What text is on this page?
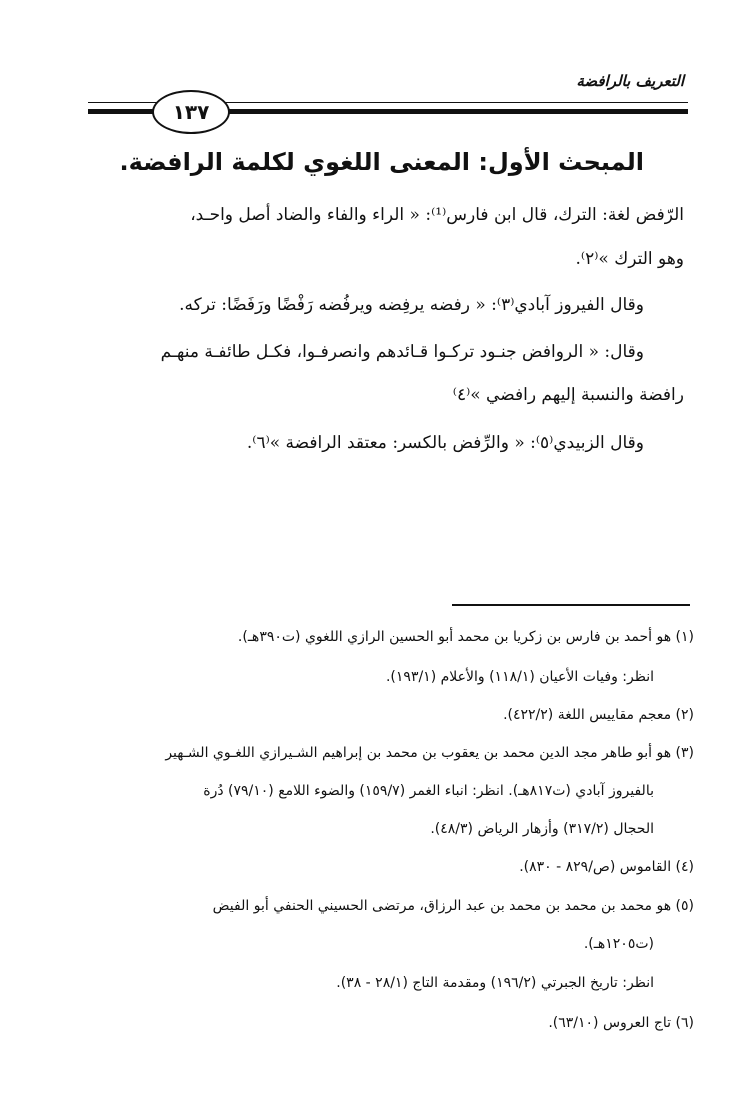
التعريف بالرافضة
١٣٧
المبحث الأول: المعنى اللغوي لكلمة الرافضة.
الرّفض لغة: الترك، قال ابن فارس⁽¹⁾: « الراء والفاء والضاد أصل واحـد،
وهو الترك »⁽٢⁾.
وقال الفيروز آبادي⁽٣⁾: « رفضه يرفِضه ويرفُضه رَفْضًا ورَفَضًا: تركه.
وقال: « الروافض جنـود تركـوا قـائدهم وانصرفـوا، فكـل طائفـة منهـم
رافضة والنسبة إليهم رافضي »⁽٤⁾
وقال الزبيدي⁽٥⁾: « والرِّفض بالكسر: معتقد الرافضة »⁽٦⁾.
(١) هو أحمد بن فارس بن زكريا بن محمد أبو الحسين الرازي اللغوي (ت٣٩٠هـ).
انظر: وفيات الأعيان (١١٨/١) والأعلام (١٩٣/١).
(٢) معجم مقاييس اللغة (٤٢٢/٢).
(٣) هو أبو طاهر مجد الدين محمد بن يعقوب بن محمد بن إبراهيم الشـيرازي اللغـوي الشـهير
بالفيروز آبادي (ت٨١٧هـ). انظر: انباء الغمر (١٥٩/٧) والضوء اللامع (٧٩/١٠) دُرة
الحجال (٣١٧/٢) وأزهار الرياض (٤٨/٣).
(٤) القاموس (ص/٨٢٩ - ٨٣٠).
(٥) هو محمد بن محمد بن محمد بن عبد الرزاق، مرتضى الحسيني الحنفي أبو الفيض
(ت١٢٠٥هـ).
انظر: تاريخ الجبرتي (١٩٦/٢) ومقدمة التاج (٢٨/١ - ٣٨).
(٦) تاج العروس (٦٣/١٠).
